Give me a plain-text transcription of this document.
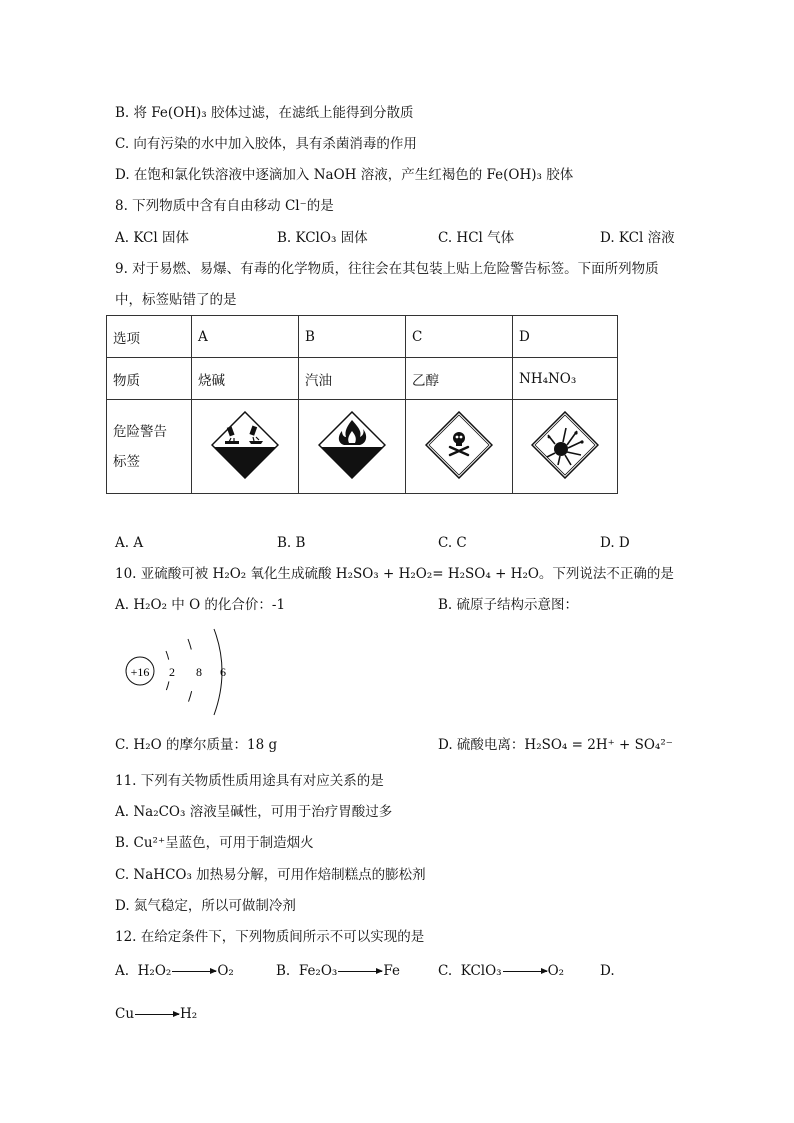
B. 将 Fe(OH)₃ 胶体过滤，在滤纸上能得到分散质
C. 向有污染的水中加入胶体，具有杀菌消毒的作用
D. 在饱和氯化铁溶液中逐滴加入 NaOH 溶液，产生红褐色的 Fe(OH)₃ 胶体
8. 下列物质中含有自由移动 Cl⁻的是
A. KCl 固体	B. KClO₃ 固体	C. HCl 气体	D. KCl 溶液
9. 对于易燃、易爆、有毒的化学物质，往往会在其包装上贴上危险警告标签。下面所列物质
中，标签贴错了的是
选项	A	B	C	D
物质	烧碱	汽油	乙醇	NH₄NO₃

危险警告
标签

A. A	B. B	C. C	D. D
10. 亚硫酸可被 H₂O₂ 氧化生成硫酸 H₂SO₃ + H₂O₂= H₂SO₄ + H₂O。下列说法不正确的是
A. H₂O₂ 中 O 的化合价：-1	B. 硫原子结构示意图：
+16 2 8 6
C. H₂O 的摩尔质量：18 g	D. 硫酸电离：H₂SO₄ = 2H⁺ + SO₄²⁻
11. 下列有关物质性质用途具有对应关系的是
A. Na₂CO₃ 溶液呈碱性，可用于治疗胃酸过多
B. Cu²⁺呈蓝色，可用于制造烟火
C. NaHCO₃ 加热易分解，可用作焙制糕点的膨松剂
D. 氮气稳定，所以可做制冷剂
12. 在给定条件下，下列物质间所示不可以实现的是
A. H₂O₂→O₂	B. Fe₂O₃→Fe	C. KClO₃→O₂	D.
Cu→H₂
